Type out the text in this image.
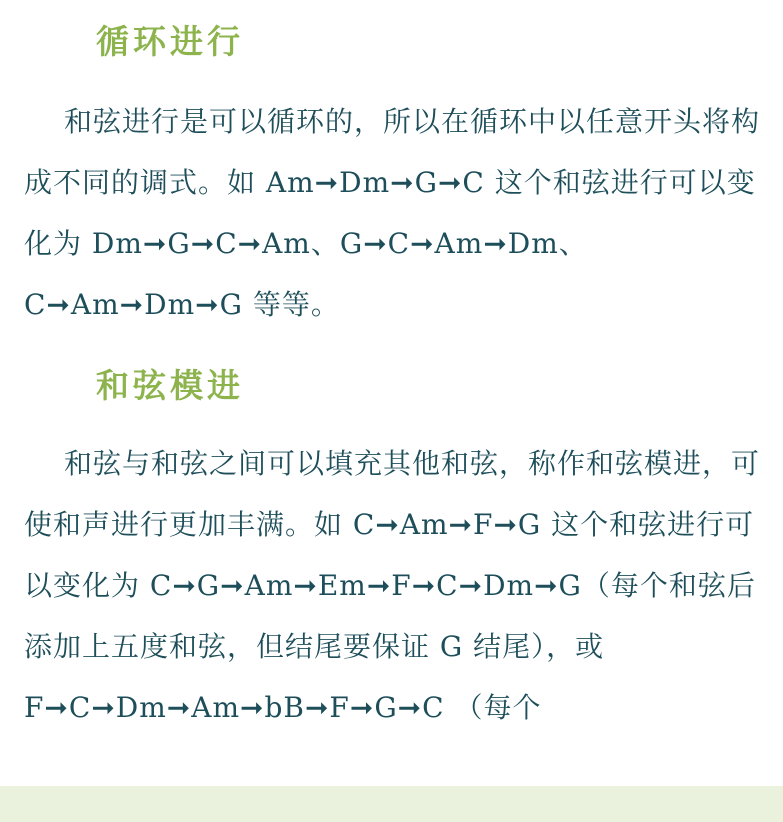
循环进行

和弦进行是可以循环的，所以在循环中以任意开头将构成不同的调式。如 Am➞Dm➞G➞C 这个和弦进行可以变化为 Dm➞G➞C➞Am、G➞C➞Am➞Dm、C➞Am➞Dm➞G 等等。

和弦模进

和弦与和弦之间可以填充其他和弦，称作和弦模进，可使和声进行更加丰满。如 C➞Am➞F➞G 这个和弦进行可以变化为 C➞G➞Am➞Em➞F➞C➞Dm➞G（每个和弦后添加上五度和弦，但结尾要保证 G 结尾），或 F➞C➞Dm➞Am➞bB➞F➞G➞C （每个
